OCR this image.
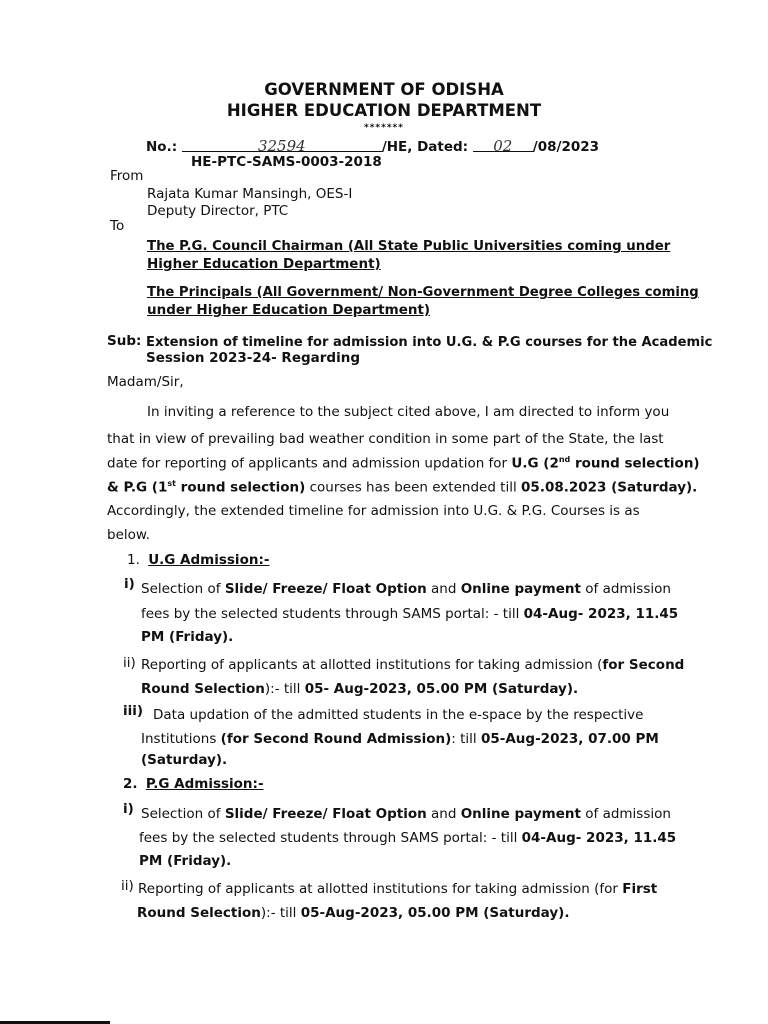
GOVERNMENT OF ODISHA
HIGHER EDUCATION DEPARTMENT
*******
No.:	32594	/HE, Dated: 02 /08/2023
HE-PTC-SAMS-0003-2018
From
Rajata Kumar Mansingh, OES-I
Deputy Director, PTC
To
The P.G. Council Chairman (All State Public Universities coming under
Higher Education Department)
The Principals (All Government/ Non-Government Degree Colleges coming
under Higher Education Department)
Sub: Extension of timeline for admission into U.G. & P.G courses for the Academic
Session 2023-24- Regarding
Madam/Sir,
In inviting a reference to the subject cited above, I am directed to inform you
that in view of prevailing bad weather condition in some part of the State, the last
date for reporting of applicants and admission updation for U.G (2nd round selection)
& P.G (1st round selection) courses has been extended till 05.08.2023 (Saturday).
Accordingly, the extended timeline for admission into U.G. & P.G. Courses is as
below.
1. U.G Admission:-
i) Selection of Slide/ Freeze/ Float Option and Online payment of admission
fees by the selected students through SAMS portal: - till 04-Aug- 2023, 11.45
PM (Friday).
ii) Reporting of applicants at allotted institutions for taking admission (for Second
Round Selection):- till 05- Aug-2023, 05.00 PM (Saturday).
iii) Data updation of the admitted students in the e-space by the respective
Institutions (for Second Round Admission): till 05-Aug-2023, 07.00 PM
(Saturday).
2. P.G Admission:-
i) Selection of Slide/ Freeze/ Float Option and Online payment of admission
fees by the selected students through SAMS portal: - till 04-Aug- 2023, 11.45
PM (Friday).
ii) Reporting of applicants at allotted institutions for taking admission (for First
Round Selection):- till 05-Aug-2023, 05.00 PM (Saturday).
